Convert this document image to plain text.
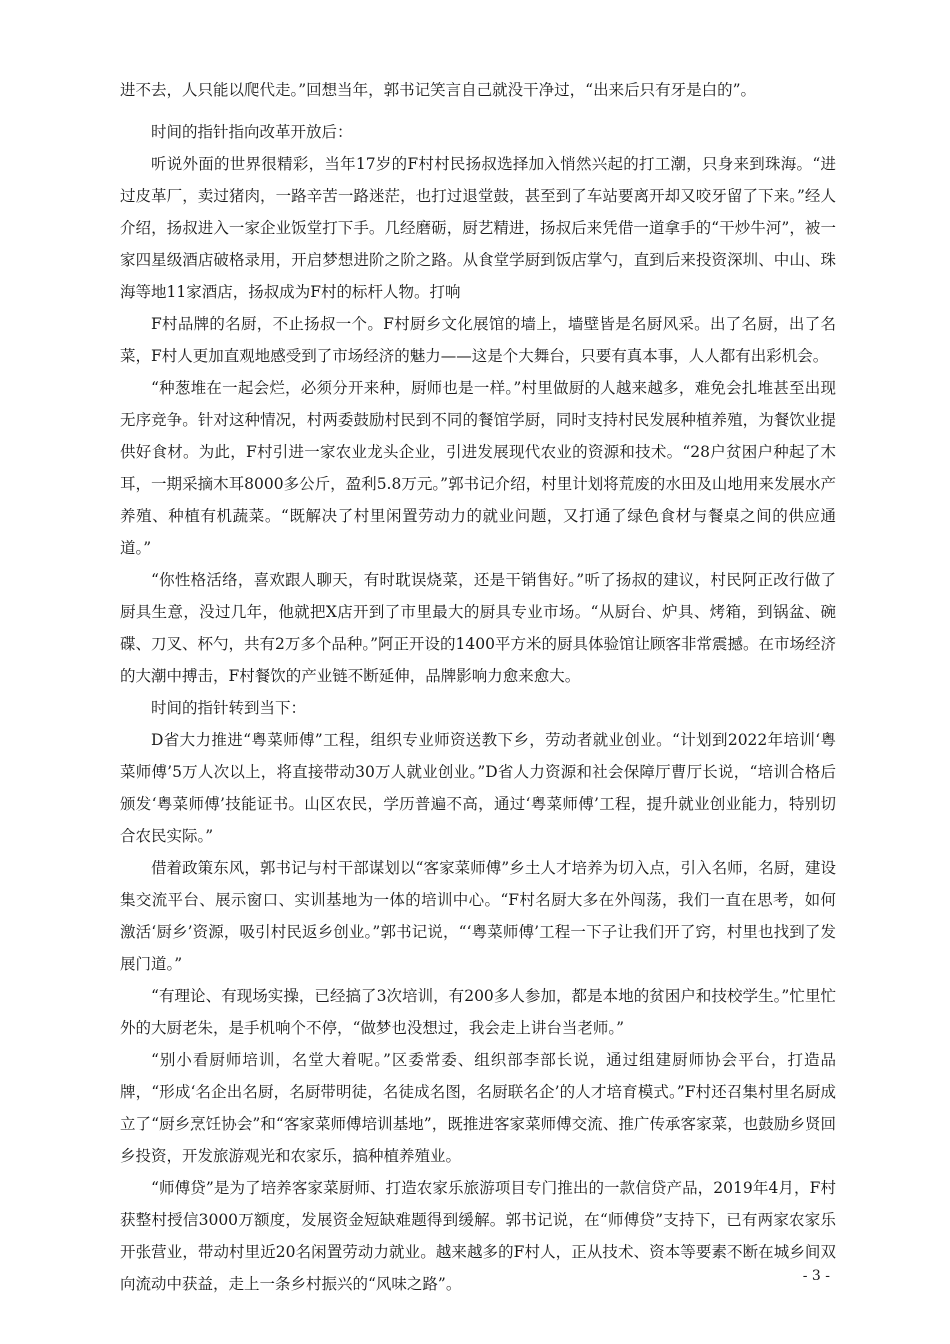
进不去，人只能以爬代走。”回想当年，郭书记笑言自己就没干净过，“出来后只有牙是白的”。

时间的指针指向改革开放后：

听说外面的世界很精彩，当年17岁的F村村民扬叔选择加入悄然兴起的打工潮，只身来到珠海。“进过皮革厂，卖过猪肉，一路辛苦一路迷茫，也打过退堂鼓，甚至到了车站要离开却又咬牙留了下来。”经人介绍，扬叔进入一家企业饭堂打下手。几经磨砺，厨艺精进，扬叔后来凭借一道拿手的“干炒牛河”，被一家四星级酒店破格录用，开启梦想进阶之阶之路。从食堂学厨到饭店掌勺，直到后来投资深圳、中山、珠海等地11家酒店，扬叔成为F村的标杆人物。打响

F村品牌的名厨，不止扬叔一个。F村厨乡文化展馆的墙上，墙壁皆是名厨风采。出了名厨，出了名菜，F村人更加直观地感受到了市场经济的魅力——这是个大舞台，只要有真本事，人人都有出彩机会。

“种葱堆在一起会烂，必须分开来种，厨师也是一样。”村里做厨的人越来越多，难免会扎堆甚至出现无序竞争。针对这种情况，村两委鼓励村民到不同的餐馆学厨，同时支持村民发展种植养殖，为餐饮业提供好食材。为此，F村引进一家农业龙头企业，引进发展现代农业的资源和技术。“28户贫困户种起了木耳，一期采摘木耳8000多公斤，盈利5.8万元。”郭书记介绍，村里计划将荒废的水田及山地用来发展水产养殖、种植有机蔬菜。“既解决了村里闲置劳动力的就业问题，又打通了绿色食材与餐桌之间的供应通道。”

“你性格活络，喜欢跟人聊天，有时耽误烧菜，还是干销售好。”听了扬叔的建议，村民阿正改行做了厨具生意，没过几年，他就把X店开到了市里最大的厨具专业市场。“从厨台、炉具、烤箱，到锅盆、碗碟、刀叉、杯勺，共有2万多个品种。”阿正开设的1400平方米的厨具体验馆让顾客非常震撼。在市场经济的大潮中搏击，F村餐饮的产业链不断延伸，品牌影响力愈来愈大。

时间的指针转到当下：

D省大力推进“粤菜师傅”工程，组织专业师资送教下乡，劳动者就业创业。“计划到2022年培训‘粤菜师傅’5万人次以上，将直接带动30万人就业创业。”D省人力资源和社会保障厅曹厅长说，“培训合格后颁发‘粤菜师傅’技能证书。山区农民，学历普遍不高，通过‘粤菜师傅’工程，提升就业创业能力，特别切合农民实际。”

借着政策东风，郭书记与村干部谋划以“客家菜师傅”乡土人才培养为切入点，引入名师，名厨，建设集交流平台、展示窗口、实训基地为一体的培训中心。“F村名厨大多在外闯荡，我们一直在思考，如何激活‘厨乡’资源，吸引村民返乡创业。”郭书记说，“‘粤菜师傅’工程一下子让我们开了窍，村里也找到了发展门道。”

“有理论、有现场实操，已经搞了3次培训，有200多人参加，都是本地的贫困户和技校学生。”忙里忙外的大厨老朱，是手机响个不停，“做梦也没想过，我会走上讲台当老师。”

“别小看厨师培训，名堂大着呢。”区委常委、组织部李部长说，通过组建厨师协会平台，打造品牌，“形成‘名企出名厨，名厨带明徒，名徒成名图，名厨联名企’的人才培育模式。”F村还召集村里名厨成立了“厨乡烹饪协会”和“客家菜师傅培训基地”，既推进客家菜师傅交流、推广传承客家菜，也鼓励乡贤回乡投资，开发旅游观光和农家乐，搞种植养殖业。

“师傅贷”是为了培养客家菜厨师、打造农家乐旅游项目专门推出的一款信贷产品，2019年4月，F村获整村授信3000万额度，发展资金短缺难题得到缓解。郭书记说，在“师傅贷”支持下，已有两家农家乐开张营业，带动村里近20名闲置劳动力就业。越来越多的F村人，正从技术、资本等要素不断在城乡间双向流动中获益，走上一条乡村振兴的“风味之路”。	- 3 -
